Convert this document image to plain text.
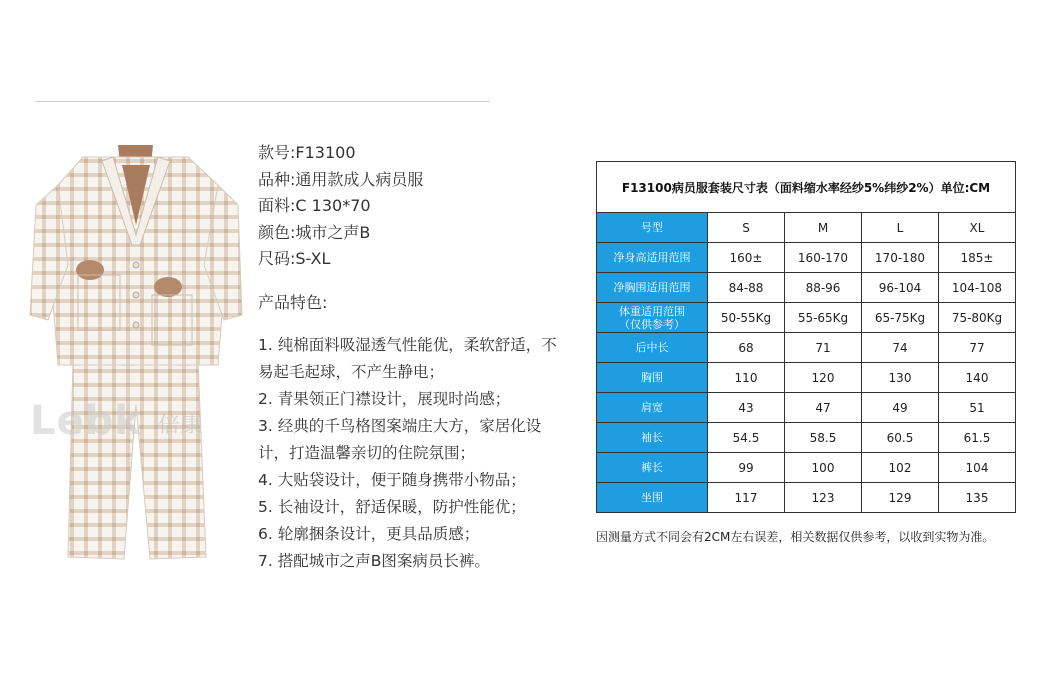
Lebk 倍康
款号:F13100
品种:通用款成人病员服
面料:C 130*70
颜色:城市之声B
尺码:S-XL
产品特色:
1. 纯棉面料吸湿透气性能优，柔软舒适，不易起毛起球，不产生静电；
2. 青果领正门襟设计，展现时尚感；
3. 经典的千鸟格图案端庄大方，家居化设计，打造温馨亲切的住院氛围；
4. 大贴袋设计，便于随身携带小物品；
5. 长袖设计，舒适保暖，防护性能优；
6. 轮廓捆条设计，更具品质感；
7. 搭配城市之声B图案病员长裤。
F13100病员服套装尺寸表（面料缩水率经纱5%纬纱2%）单位:CM				
号型	S	M	L	XL
净身高适用范围	160±	160-170	170-180	185±
净胸围适用范围	84-88	88-96	96-104	104-108
体重适用范围
（仅供参考）	50-55Kg	55-65Kg	65-75Kg	75-80Kg
后中长	68	71	74	77
胸围	110	120	130	140
肩宽	43	47	49	51
袖长	54.5	58.5	60.5	61.5
裤长	99	100	102	104
坐围	117	123	129	135
因测量方式不同会有2CM左右误差，相关数据仅供参考，以收到实物为准。
